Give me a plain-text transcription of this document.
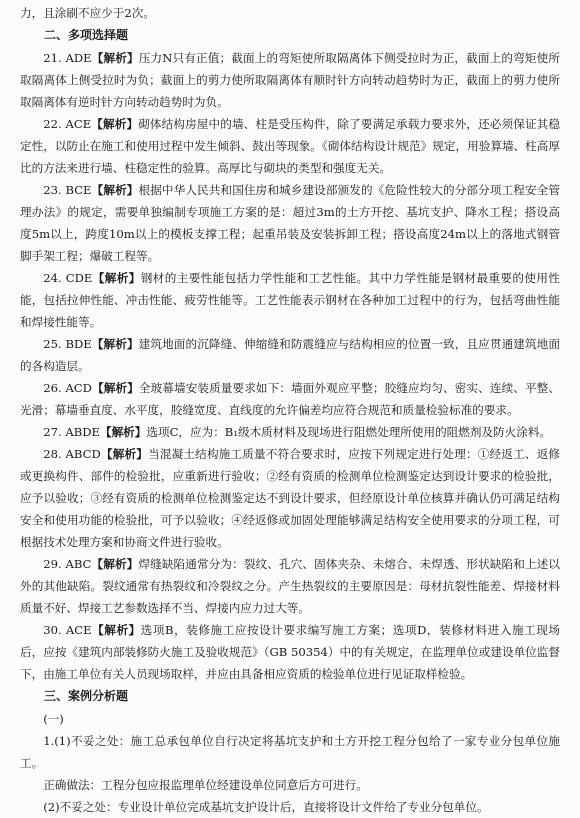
力，且涂刷不应少于2次。

二、多项选择题

21. ADE【解析】压力N只有正值；截面上的弯矩使所取隔离体下侧受拉时为正，截面上的弯矩使所取隔离体上侧受拉时为负；截面上的剪力使所取隔离体有顺时针方向转动趋势时为正，截面上的剪力使所取隔离体有逆时针方向转动趋势时为负。

22. ACE【解析】砌体结构房屋中的墙、柱是受压构件，除了要满足承载力要求外，还必须保证其稳定性，以防止在施工和使用过程中发生倾斜、鼓出等现象。《砌体结构设计规范》规定，用验算墙、柱高厚比的方法来进行墙、柱稳定性的验算。高厚比与砌块的类型和强度无关。

23. BCE【解析】根据中华人民共和国住房和城乡建设部颁发的《危险性较大的分部分项工程安全管理办法》的规定，需要单独编制专项施工方案的是：超过3m的土方开挖、基坑支护、降水工程；搭设高度5m以上，跨度10m以上的模板支撑工程；起重吊装及安装拆卸工程；搭设高度24m以上的落地式钢管脚手架工程；爆破工程等。

24. CDE【解析】钢材的主要性能包括力学性能和工艺性能。其中力学性能是钢材最重要的使用性能，包括拉伸性能、冲击性能、疲劳性能等。工艺性能表示钢材在各种加工过程中的行为，包括弯曲性能和焊接性能等。

25. BDE【解析】建筑地面的沉降缝、伸缩缝和防震缝应与结构相应的位置一致，且应贯通建筑地面的各构造层。

26. ACD【解析】全玻幕墙安装质量要求如下：墙面外观应平整；胶缝应均匀、密实、连续、平整、光滑；幕墙垂直度、水平度，胶缝宽度、直线度的允许偏差均应符合规范和质量检验标准的要求。

27. ABDE【解析】选项C，应为：B₁级木质材料及现场进行阻燃处理所使用的阻燃剂及防火涂料。

28. ABCD【解析】当混凝土结构施工质量不符合要求时，应按下列规定进行处理：①经返工、返修或更换构件、部件的检验批，应重新进行验收；②经有资质的检测单位检测鉴定达到设计要求的检验批，应予以验收；③经有资质的检测单位检测鉴定达不到设计要求，但经原设计单位核算并确认仍可满足结构安全和使用功能的检验批，可予以验收；④经返修或加固处理能够满足结构安全使用要求的分项工程，可根据技术处理方案和协商文件进行验收。

29. ABC【解析】焊缝缺陷通常分为：裂纹、孔穴、固体夹杂、未熔合、未焊透、形状缺陷和上述以外的其他缺陷。裂纹通常有热裂纹和冷裂纹之分。产生热裂纹的主要原因是：母材抗裂性能差、焊接材料质量不好、焊接工艺参数选择不当、焊接内应力过大等。

30. ACE【解析】选项B，装修施工应按设计要求编写施工方案；选项D，装修材料进入施工现场后，应按《建筑内部装修防火施工及验收规范》（GB 50354）中的有关规定，在监理单位或建设单位监督下，由施工单位有关人员现场取样，并应由具备相应资质的检验单位进行见证取样检验。

三、案例分析题

(一)

1.(1)不妥之处：施工总承包单位自行决定将基坑支护和土方开挖工程分包给了一家专业分包单位施工。

正确做法：工程分包应报监理单位经建设单位同意后方可进行。

(2)不妥之处：专业设计单位完成基坑支护设计后，直接将设计文件给了专业分包单位。
